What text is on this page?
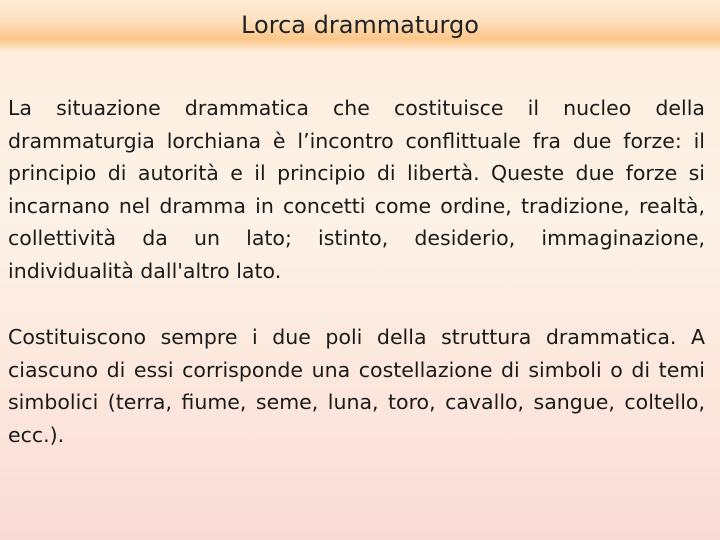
Lorca drammaturgo

La situazione drammatica che costituisce il nucleo della drammaturgia lorchiana è l’incontro conflittuale fra due forze: il principio di autorità e il principio di libertà. Queste due forze si incarnano nel dramma in concetti come ordine, tradizione, realtà, collettività da un lato; istinto, desiderio, immaginazione, individualità dall'altro lato.

Costituiscono sempre i due poli della struttura drammatica. A ciascuno di essi corrisponde una costellazione di simboli o di temi simbolici (terra, fiume, seme, luna, toro, cavallo, sangue, coltello, ecc.).
